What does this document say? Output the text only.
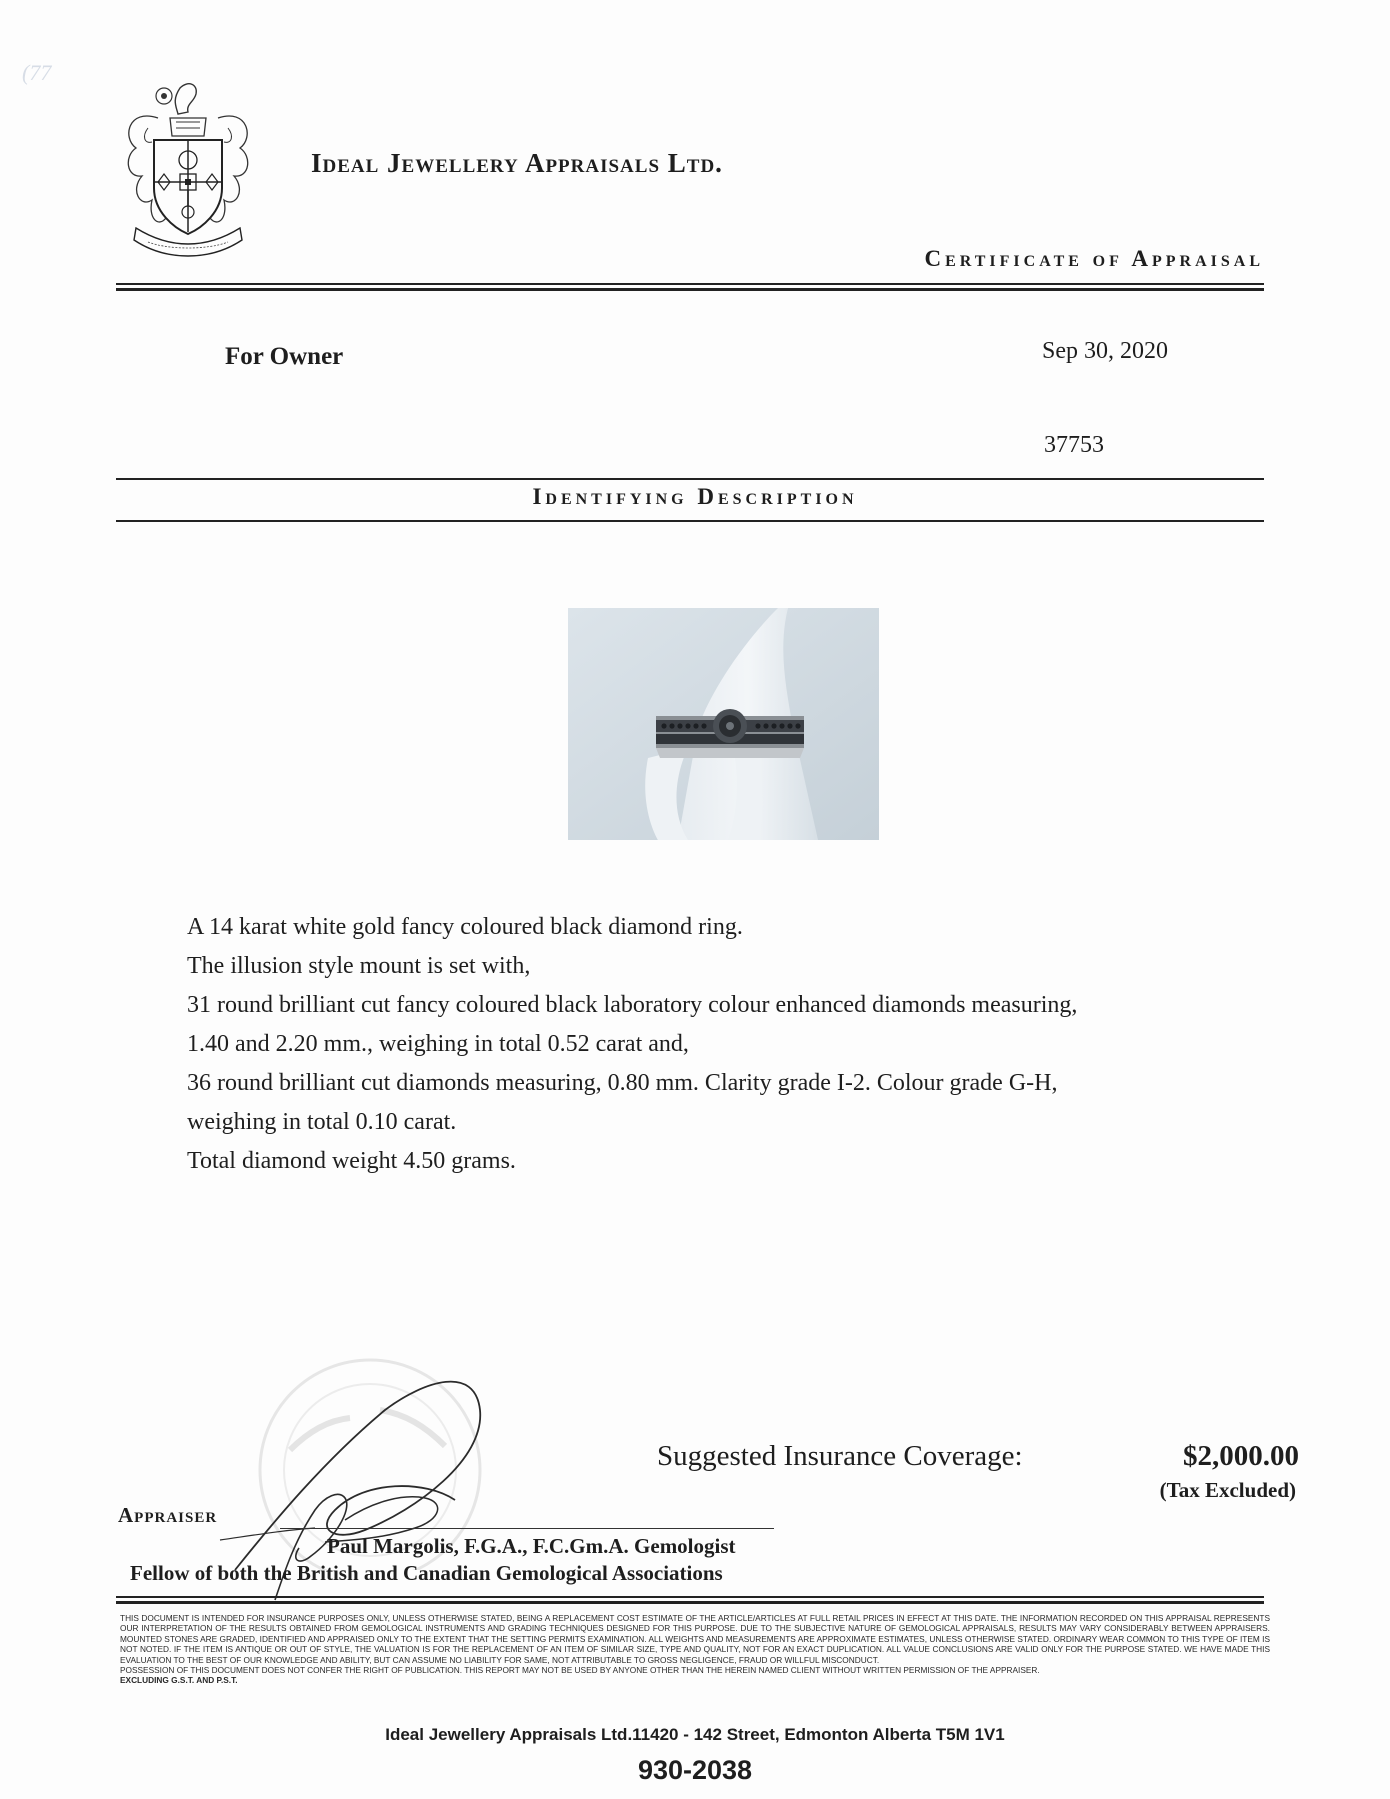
(77
Ideal Jewellery Appraisals Ltd.
Certificate of Appraisal
For Owner	Sep 30, 2020
37753
Identifying Description
A 14 karat white gold fancy coloured black diamond ring.
The illusion style mount is set with,
31 round brilliant cut fancy coloured black laboratory colour enhanced diamonds measuring,
1.40 and 2.20 mm., weighing in total 0.52 carat and,
36 round brilliant cut diamonds measuring, 0.80 mm. Clarity grade I-2. Colour grade G-H,
weighing in total 0.10 carat.
Total diamond weight 4.50 grams.
Suggested Insurance Coverage:	$2,000.00
(Tax Excluded)
Appraiser
Paul Margolis, F.G.A., F.C.Gm.A. Gemologist
Fellow of both the British and Canadian Gemological Associations
THIS DOCUMENT IS INTENDED FOR INSURANCE PURPOSES ONLY, UNLESS OTHERWISE STATED, BEING A REPLACEMENT COST ESTIMATE OF THE ARTICLE/ARTICLES AT FULL RETAIL PRICES IN EFFECT AT THIS DATE. THE INFORMATION RECORDED ON THIS APPRAISAL REPRESENTS OUR INTERPRETATION OF THE RESULTS OBTAINED FROM GEMOLOGICAL INSTRUMENTS AND GRADING TECHNIQUES DESIGNED FOR THIS PURPOSE. DUE TO THE SUBJECTIVE NATURE OF GEMOLOGICAL APPRAISALS, RESULTS MAY VARY CONSIDERABLY BETWEEN APPRAISERS. MOUNTED STONES ARE GRADED, IDENTIFIED AND APPRAISED ONLY TO THE EXTENT THAT THE SETTING PERMITS EXAMINATION. ALL WEIGHTS AND MEASUREMENTS ARE APPROXIMATE ESTIMATES, UNLESS OTHERWISE STATED. ORDINARY WEAR COMMON TO THIS TYPE OF ITEM IS NOT NOTED. IF THE ITEM IS ANTIQUE OR OUT OF STYLE, THE VALUATION IS FOR THE REPLACEMENT OF AN ITEM OF SIMILAR SIZE, TYPE AND QUALITY, NOT FOR AN EXACT DUPLICATION. ALL VALUE CONCLUSIONS ARE VALID ONLY FOR THE PURPOSE STATED. WE HAVE MADE THIS EVALUATION TO THE BEST OF OUR KNOWLEDGE AND ABILITY, BUT CAN ASSUME NO LIABILITY FOR SAME, NOT ATTRIBUTABLE TO GROSS NEGLIGENCE, FRAUD OR WILLFUL MISCONDUCT.
POSSESSION OF THIS DOCUMENT DOES NOT CONFER THE RIGHT OF PUBLICATION. THIS REPORT MAY NOT BE USED BY ANYONE OTHER THAN THE HEREIN NAMED CLIENT WITHOUT WRITTEN PERMISSION OF THE APPRAISER.
EXCLUDING G.S.T. AND P.S.T.
Ideal Jewellery Appraisals Ltd.11420 - 142 Street, Edmonton Alberta T5M 1V1
930-2038
